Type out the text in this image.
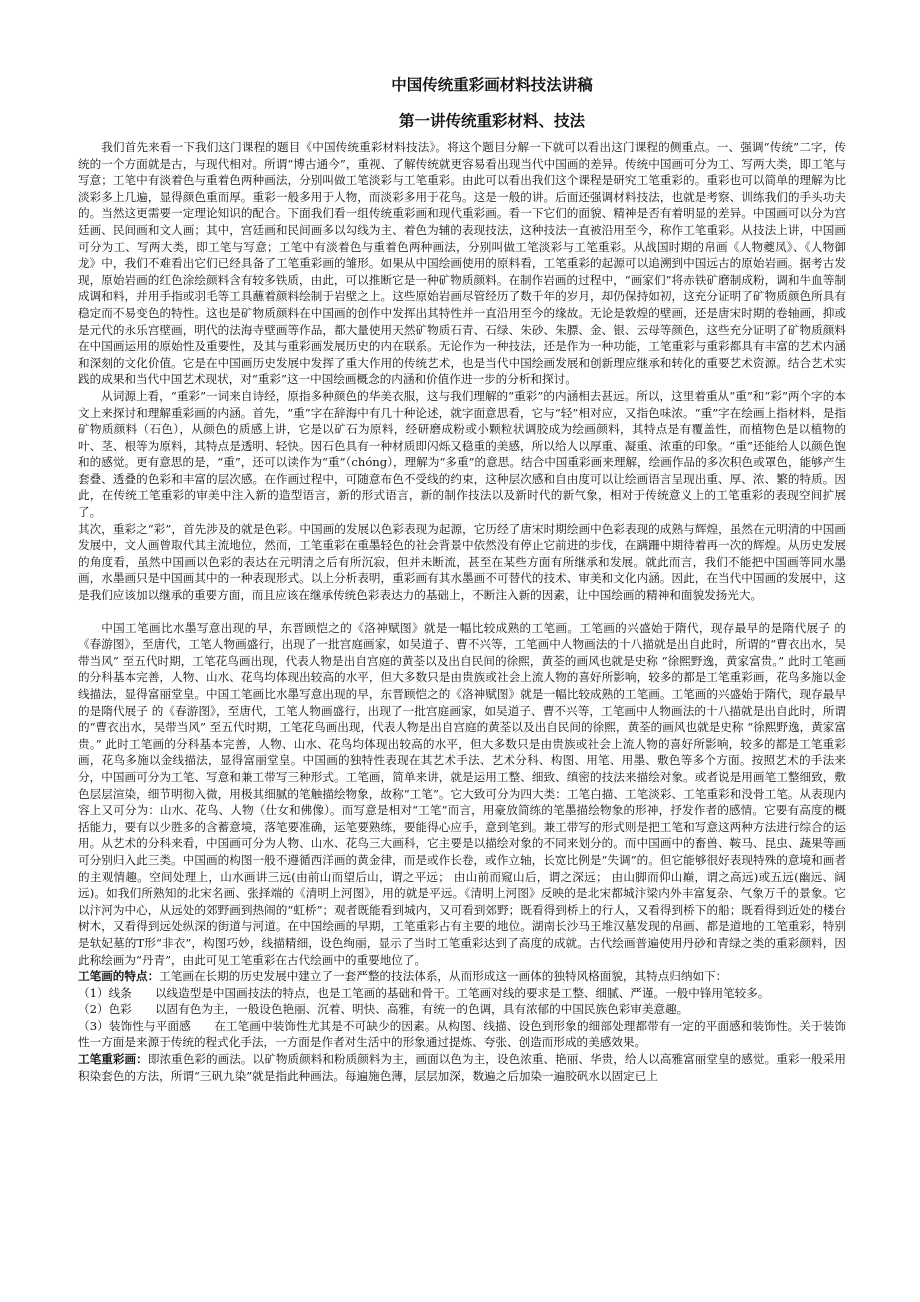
中国传统重彩画材料技法讲稿
第一讲传统重彩材料、技法

我们首先来看一下我们这门课程的题目《中国传统重彩材料技法》。将这个题目分解一下就可以看出这门课程的侧重点。一、强调“传统”二字，传统的一个方面就是古，与现代相对。所谓“博古通今”，重视、了解传统就更容易看出现当代中国画的差异。传统中国画可分为工、写两大类，即工笔与写意；工笔中有淡着色与重着色两种画法，分别叫做工笔淡彩与工笔重彩。由此可以看出我们这个课程是研究工笔重彩的。重彩也可以简单的理解为比淡彩多上几遍，显得颜色重而厚。重彩一般多用于人物，而淡彩多用于花鸟。这是一般的讲。后面还强调材料技法，也就是考察、训练我们的手头功夫的。当然这更需要一定理论知识的配合。下面我们看一组传统重彩画和现代重彩画。看一下它们的面貌、精神是否有着明显的差异。中国画可以分为宫廷画、民间画和文人画；其中，宫廷画和民间画多以勾线为主、着色为辅的表现技法，这种技法一直被沿用至今，称作工笔重彩。从技法上讲，中国画可分为工、写两大类，即工笔与写意；工笔中有淡着色与重着色两种画法，分别叫做工笔淡彩与工笔重彩。从战国时期的帛画《人物夔凤》、《人物御龙》中，我们不难看出它们已经具备了工笔重彩画的雏形。如果从中国绘画使用的原料看，工笔重彩的起源可以追溯到中国远古的原始岩画。据考古发现，原始岩画的红色涂绘颜料含有较多铁质，由此，可以推断它是一种矿物质颜料。在制作岩画的过程中，“画家们”将赤铁矿磨制成粉，调和牛血等制成调和料，并用手指或羽毛等工具蘸着颜料绘制于岩壁之上。这些原始岩画尽管经历了数千年的岁月，却仍保持如初，这充分证明了矿物质颜色所具有稳定而不易变色的特性。这也是矿物质颜料在中国画的创作中发挥出其特性并一直沿用至今的缘故。无论是敦煌的壁画，还是唐宋时期的卷轴画，抑或是元代的永乐宫壁画，明代的法海寺壁画等作品，都大量使用天然矿物质石青、石绿、朱砂、朱膘、金、银、云母等颜色，这些充分证明了矿物质颜料在中国画运用的原始性及重要性，及其与重彩画发展历史的内在联系。无论作为一种技法，还是作为一种功能，工笔重彩与重彩都具有丰富的艺术内涵和深刻的文化价值。它是在中国画历史发展中发挥了重大作用的传统艺术，也是当代中国绘画发展和创新理应继承和转化的重要艺术资源。结合艺术实践的成果和当代中国艺术现状，对“重彩”这一中国绘画概念的内涵和价值作进一步的分析和探讨。

从词源上看，“重彩”一词来自诗经，原指多种颜色的华美衣服，这与我们理解的“重彩”的内涵相去甚远。所以，这里着重从“重”和“彩”两个字的本文上来探讨和理解重彩画的内涵。首先，“重”字在辞海中有几十种论述，就字面意思看，它与“轻”相对应，又指色味浓。“重”字在绘画上指材料，是指矿物质颜料（石色），从颜色的质感上讲，它是以矿石为原料，经研磨成粉或小颗粒状调胶成为绘画颜料，其特点是有覆盖性，而植物色是以植物的叶、茎、根等为原料，其特点是透明、轻快。因石色具有一种材质即闪烁又稳重的美感，所以给人以厚重、凝重、浓重的印象。“重”还能给人以颜色饱和的感觉。更有意思的是，“重”，还可以读作为“重”（chóng），理解为“多重”的意思。结合中国重彩画来理解，绘画作品的多次积色或罩色，能够产生套叠、透叠的色彩和丰富的层次感。在作画过程中，可随意布色不受线的约束，这种层次感和自由度可以让绘画语言呈现出重、厚、浓、繁的特质。因此，在传统工笔重彩的审美中注入新的造型语言，新的形式语言，新的制作技法以及新时代的新气象，相对于传统意义上的工笔重彩的表现空间扩展了。

其次，重彩之“彩”，首先涉及的就是色彩。中国画的发展以色彩表现为起源，它历经了唐宋时期绘画中色彩表现的成熟与辉煌，虽然在元明清的中国画发展中，文人画曾取代其主流地位，然而，工笔重彩在重墨轻色的社会背景中依然没有停止它前进的步伐，在蹒跚中期待着再一次的辉煌。从历史发展的角度看，虽然中国画以色彩的表达在元明清之后有所沉寂，但并未断流，甚至在某些方面有所继承和发展。就此而言，我们不能把中国画等同水墨画，水墨画只是中国画其中的一种表现形式。以上分析表明，重彩画有其水墨画不可替代的技术、审美和文化内涵。因此，在当代中国画的发展中，这是我们应该加以继承的重要方面，而且应该在继承传统色彩表达力的基础上，不断注入新的因素，让中国绘画的精神和面貌发扬光大。

中国工笔画比水墨写意出现的早，东晋顾恺之的《洛神赋图》就是一幅比较成熟的工笔画。工笔画的兴盛始于隋代，现存最早的是隋代展子 的《春游图》，至唐代，工笔人物画盛行，出现了一批宫庭画家，如吴道子、曹不兴等，工笔画中人物画法的十八描就是出自此时，所谓的“曹衣出水，吴带当风” 至五代时期，工笔花鸟画出现，代表人物是出自宫庭的黄荃以及出自民间的徐熙，黄荃的画风也就是史称 “徐熙野逸，黄家富贵。” 此时工笔画的分科基本完善，人物、山水、花鸟均体现出较高的水平，但大多数只是由贵族或社会上流人物的喜好所影响，较多的都是工笔重彩画，花鸟多施以金线描法，显得富丽堂皇。中国工笔画比水墨写意出现的早，东晋顾恺之的《洛神赋图》就是一幅比较成熟的工笔画。工笔画的兴盛始于隋代，现存最早的是隋代展子 的《春游图》，至唐代，工笔人物画盛行，出现了一批宫庭画家，如吴道子、曹不兴等，工笔画中人物画法的十八描就是出自此时，所谓的“曹衣出水，吴带当风” 至五代时期，工笔花鸟画出现，代表人物是出自宫庭的黄荃以及出自民间的徐熙，黄荃的画风也就是史称 “徐熙野逸，黄家富贵。” 此时工笔画的分科基本完善，人物、山水、花鸟均体现出较高的水平，但大多数只是由贵族或社会上流人物的喜好所影响，较多的都是工笔重彩画，花鸟多施以金线描法，显得富丽堂皇。中国画的独特性表现在其艺术手法、艺术分科、构图、用笔、用墨、敷色等多个方面。按照艺术的手法来分，中国画可分为工笔、写意和兼工带写三种形式。工笔画，简单来讲，就是运用工整、细致、缜密的技法来描绘对象。或者说是用画笔工整细致，敷色层层渲染，细节明彻入微，用极其细腻的笔触描绘物象，故称“工笔”。它大致可分为四大类：工笔白描、工笔淡彩、工笔重彩和没骨工笔。从表现内容上又可分为：山水、花鸟、人物（仕女和佛像）。而写意是相对“工笔”而言，用豪放简练的笔墨描绘物象的形神，抒发作者的感情。它要有高度的概括能力，要有以少胜多的含蓄意境，落笔要准确，运笔要熟练，要能得心应手，意到笔到。兼工带写的形式则是把工笔和写意这两种方法进行综合的运用。从艺术的分科来看，中国画可分为人物、山水、花鸟三大画科，它主要是以描绘对象的不同来划分的。而中国画中的畜兽、鞍马、昆虫、蔬果等画可分别归入此三类。中国画的构图一般不遵循西洋画的黄金律，而是或作长卷，或作立轴，长宽比例是“失调”的。但它能够很好表现特殊的意境和画者的主观情趣。空间处理上，山水画讲三远(由前山而望后山，谓之平远； 由山前而窥山后，谓之深远； 由山脚而仰山巅，谓之高远)或五远(幽远、阔远)。如我们所熟知的北宋名画、张择端的《清明上河图》，用的就是平远。《清明上河图》反映的是北宋都城汴梁内外丰富复杂、气象万千的景象。它以汴河为中心，从远处的郊野画到热闹的“虹桥”；观者既能看到城内，又可看到郊野；既看得到桥上的行人，又看得到桥下的船；既看得到近处的楼台树木，又看得到远处纵深的街道与河道。在中国绘画的早期，工笔重彩占有主要的地位。湖南长沙马王堆汉墓发现的帛画、都是道地的工笔重彩，特别是轪妃墓的T形“非衣”，构图巧妙，线描精细，设色绚丽，显示了当时工笔重彩达到了高度的成就。古代绘画普遍使用丹砂和青绿之类的重彩颜料，因此称绘画为“丹青”，由此可见工笔重彩在古代绘画中的重要地位了。

工笔画的特点：工笔画在长期的历史发展中建立了一套严整的技法体系，从而形成这一画体的独特风格面貌，其特点归纳如下：

（1）线条　　以线造型是中国画技法的特点，也是工笔画的基础和骨干。工笔画对线的要求是工整、细腻、严谨。一般中锋用笔较多。

（2）色彩　　以固有色为主，一般设色艳丽、沉着、明快、高雅，有统一的色调，具有浓郁的中国民族色彩审美意趣。

（3）装饰性与平面感　　在工笔画中装饰性尤其是不可缺少的因素。从构图、线描、设色到形象的细部处理都带有一定的平面感和装饰性。关于装饰性一方面是来源于传统的程式化手法，一方面是作者对生活中的形象通过提炼、夸张、创造而形成的美感效果。

工笔重彩画：即浓重色彩的画法。以矿物质颜料和粉质颜料为主，画面以色为主，设色浓重、艳丽、华贵，给人以高雅富丽堂皇的感觉。重彩一般采用积染套色的方法，所谓“三矾九染”就是指此种画法。每遍施色薄，层层加深，数遍之后加染一遍胶矾水以固定已上
